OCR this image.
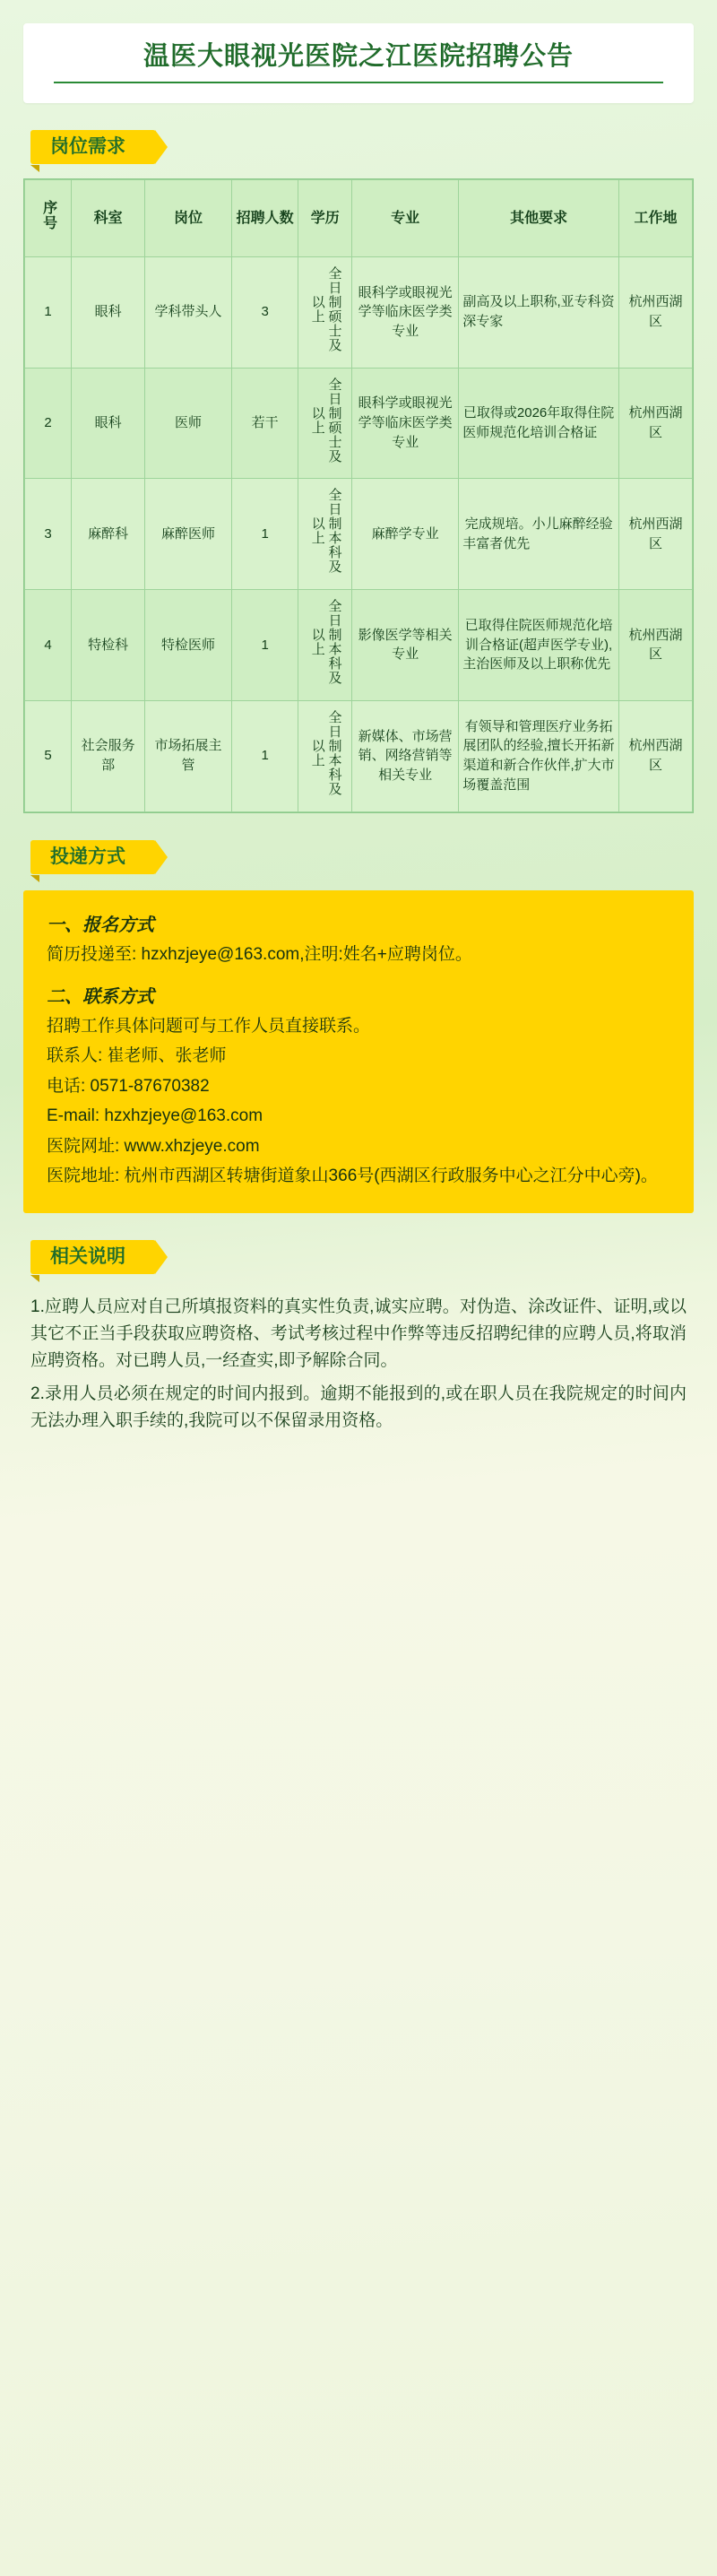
温医大眼视光医院之江医院招聘公告
岗位需求
序号	科室	岗位	招聘人数	学历	专业	其他要求	工作地
1	眼科	学科带头人	3	全日制硕士及以上	眼科学或眼视光学等临床医学类专业	副高及以上职称,亚专科资深专家	杭州西湖区
2	眼科	医师	若干	全日制硕士及以上	眼科学或眼视光学等临床医学类专业	已取得或2026年取得住院医师规范化培训合格证	杭州西湖区
3	麻醉科	麻醉医师	1	全日制本科及以上	麻醉学专业	完成规培。小儿麻醉经验丰富者优先	杭州西湖区
4	特检科	特检医师	1	全日制本科及以上	影像医学等相关专业	已取得住院医师规范化培训合格证(超声医学专业),主治医师及以上职称优先	杭州西湖区
5	社会服务部	市场拓展主管	1	全日制本科及以上	新媒体、市场营销、网络营销等相关专业	有领导和管理医疗业务拓展团队的经验,擅长开拓新渠道和新合作伙伴,扩大市场覆盖范围	杭州西湖区
投递方式

一、报名方式

简历投递至: hzxhzjeye@163.com,注明:姓名+应聘岗位。

二、联系方式

招聘工作具体问题可与工作人员直接联系。

联系人: 崔老师、张老师

电话: 0571-87670382

E-mail: hzxhzjeye@163.com

医院网址: www.xhzjeye.com

医院地址: 杭州市西湖区转塘街道象山366号(西湖区行政服务中心之江分中心旁)。

相关说明

1.应聘人员应对自己所填报资料的真实性负责,诚实应聘。对伪造、涂改证件、证明,或以其它不正当手段获取应聘资格、考试考核过程中作弊等违反招聘纪律的应聘人员,将取消应聘资格。对已聘人员,一经查实,即予解除合同。

2.录用人员必须在规定的时间内报到。逾期不能报到的,或在职人员在我院规定的时间内无法办理入职手续的,我院可以不保留录用资格。
